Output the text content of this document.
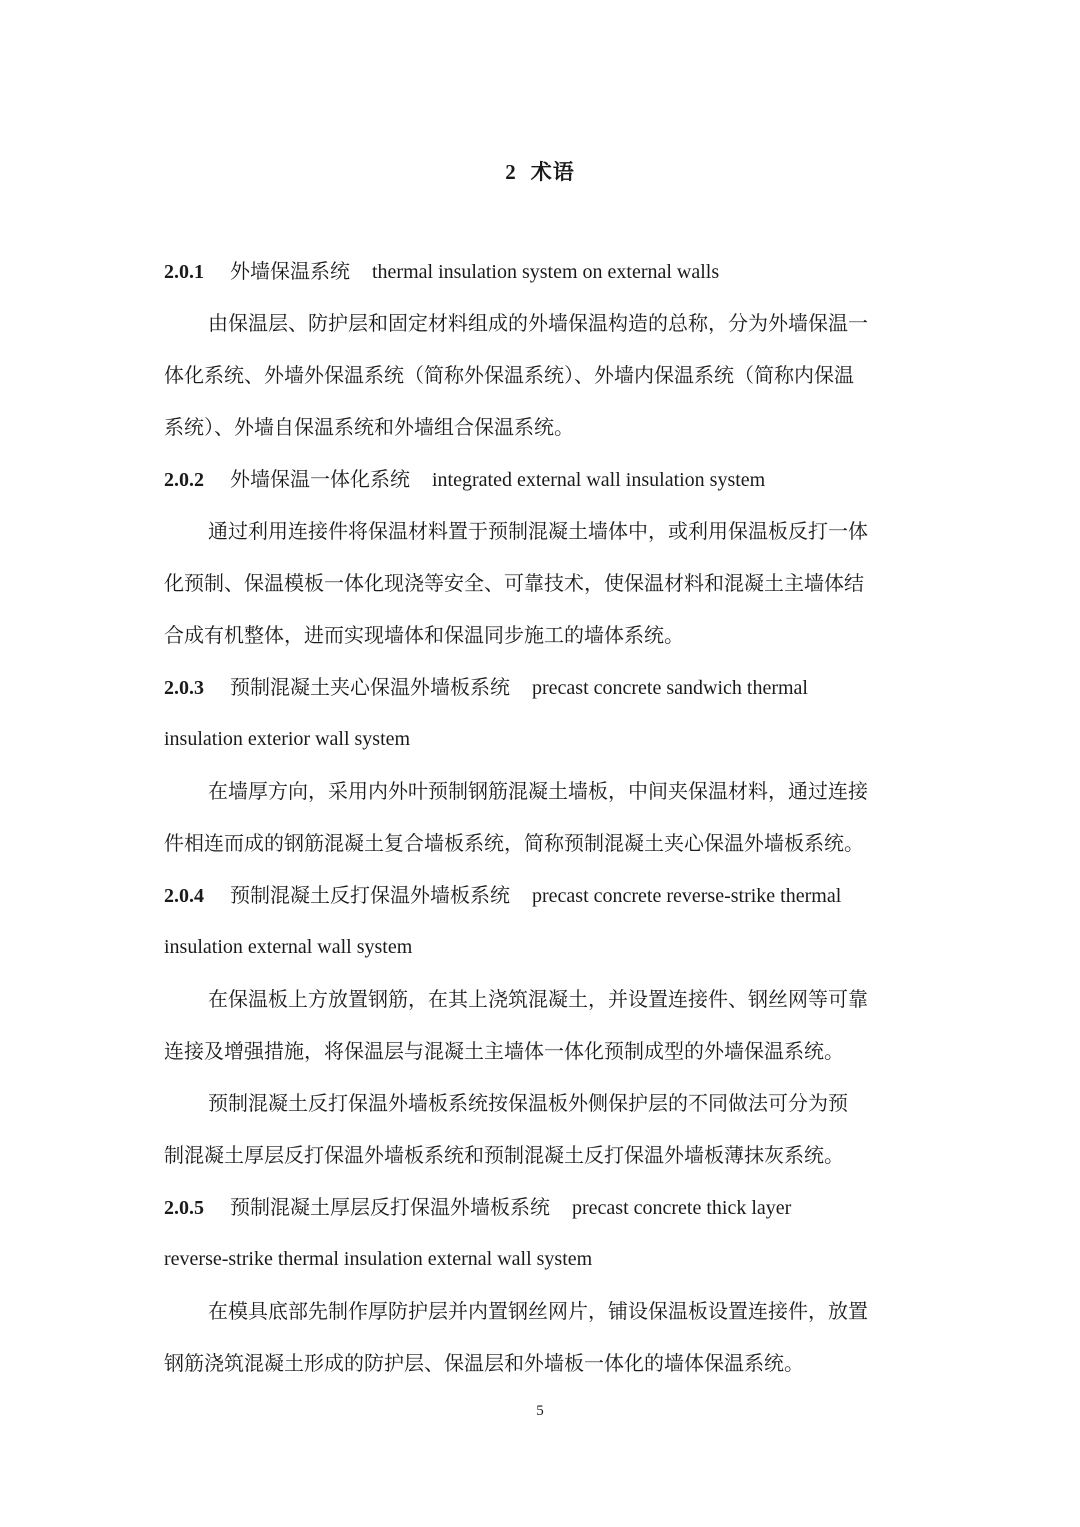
2 术语
2.0.1 外墙保温系统 thermal insulation system on external walls
由保温层、防护层和固定材料组成的外墙保温构造的总称，分为外墙保温一
体化系统、外墙外保温系统（简称外保温系统）、外墙内保温系统（简称内保温
系统）、外墙自保温系统和外墙组合保温系统。
2.0.2 外墙保温一体化系统 integrated external wall insulation system
通过利用连接件将保温材料置于预制混凝土墙体中，或利用保温板反打一体
化预制、保温模板一体化现浇等安全、可靠技术，使保温材料和混凝土主墙体结
合成有机整体，进而实现墙体和保温同步施工的墙体系统。
2.0.3 预制混凝土夹心保温外墙板系统 precast concrete sandwich thermal
insulation exterior wall system
在墙厚方向，采用内外叶预制钢筋混凝土墙板，中间夹保温材料，通过连接
件相连而成的钢筋混凝土复合墙板系统，简称预制混凝土夹心保温外墙板系统。
2.0.4 预制混凝土反打保温外墙板系统 precast concrete reverse-strike thermal
insulation external wall system
在保温板上方放置钢筋，在其上浇筑混凝土，并设置连接件、钢丝网等可靠
连接及增强措施，将保温层与混凝土主墙体一体化预制成型的外墙保温系统。
预制混凝土反打保温外墙板系统按保温板外侧保护层的不同做法可分为预
制混凝土厚层反打保温外墙板系统和预制混凝土反打保温外墙板薄抹灰系统。
2.0.5 预制混凝土厚层反打保温外墙板系统 precast concrete thick layer
reverse-strike thermal insulation external wall system
在模具底部先制作厚防护层并内置钢丝网片，铺设保温板设置连接件，放置
钢筋浇筑混凝土形成的防护层、保温层和外墙板一体化的墙体保温系统。
5
